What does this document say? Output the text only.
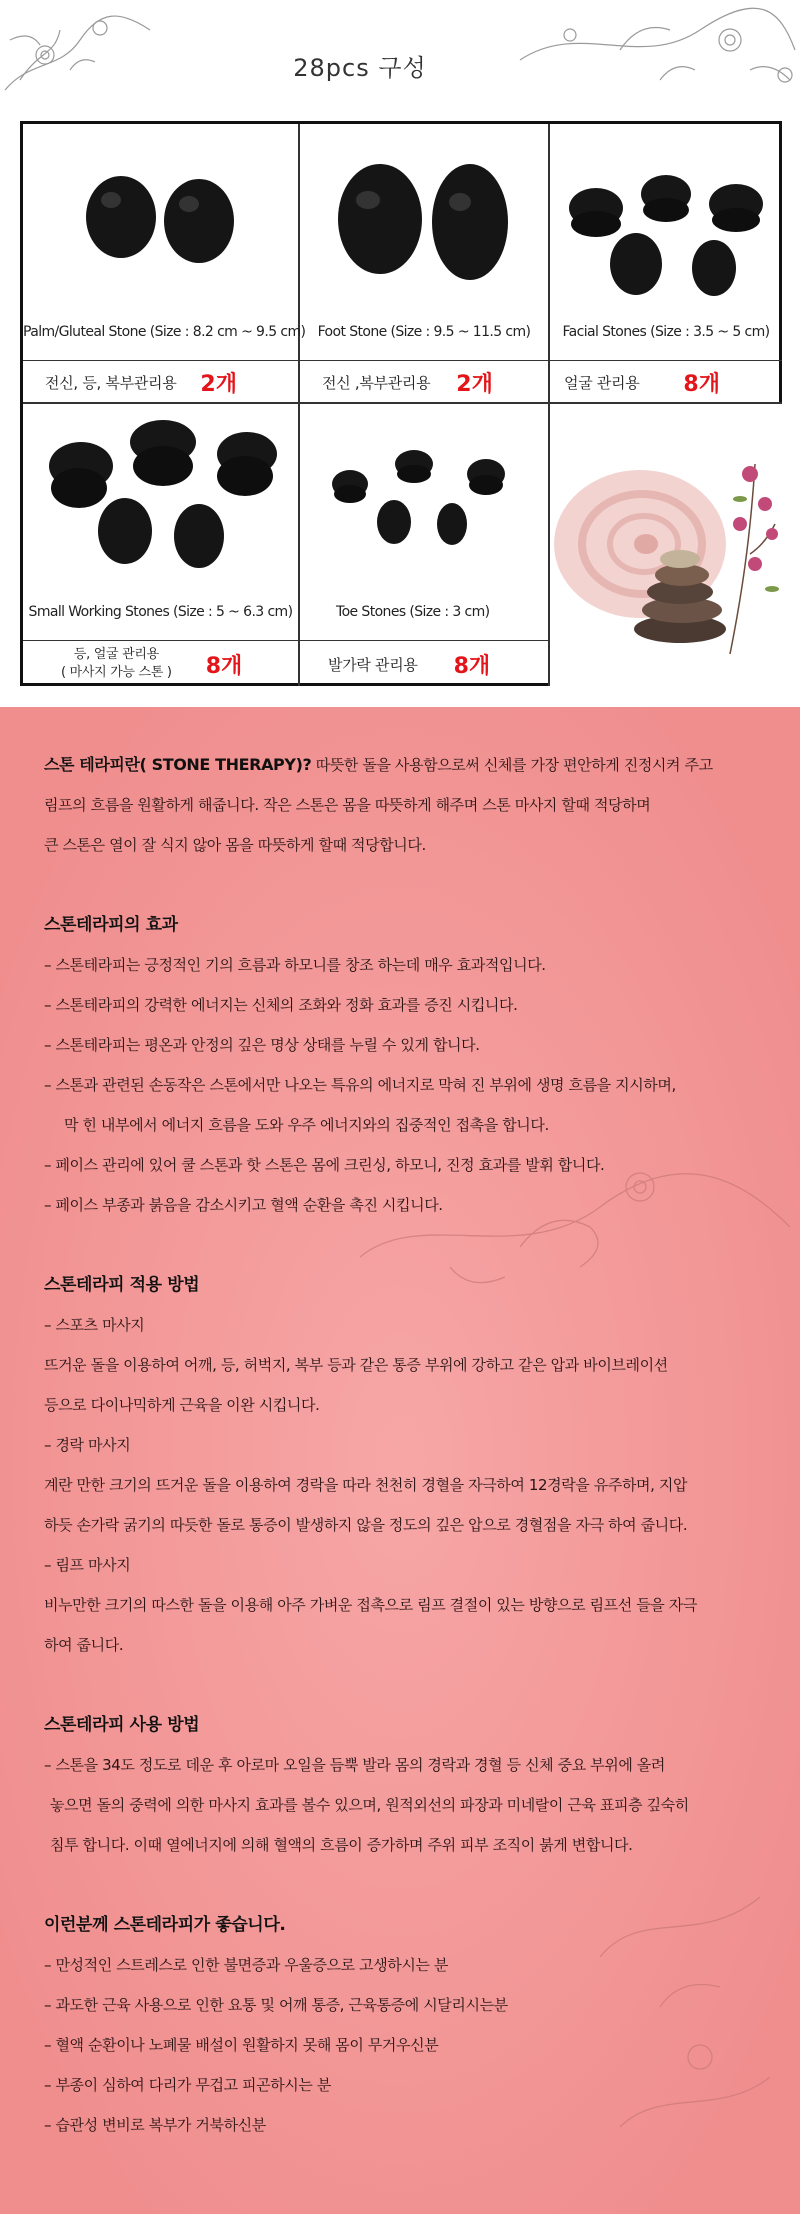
28pcs 구성
Palm/Gluteal Stone (Size : 8.2 cm ~ 9.5 cm)
전신, 등, 복부관리용 2개
Foot Stone (Size : 9.5 ~ 11.5 cm)
전신 ,복부관리용 2개
Facial Stones (Size : 3.5 ~ 5 cm)
얼굴 관리용 8개
Small Working Stones (Size : 5 ~ 6.3 cm)
등, 얼굴 관리용
( 마사지 가능 스톤 ) 8개
Toe Stones (Size : 3 cm)
발가락 관리용 8개
스톤 테라피란( STONE THERAPY)? 따뜻한 돌을 사용함으로써 신체를 가장 편안하게 진정시켜 주고
림프의 흐름을 원활하게 해줍니다. 작은 스톤은 몸을 따뜻하게 해주며 스톤 마사지 할때 적당하며
큰 스톤은 열이 잘 식지 않아 몸을 따뜻하게 할때 적당합니다.
스톤테라피의 효과
– 스톤테라피는 긍정적인 기의 흐름과 하모니를 창조 하는데 매우 효과적입니다.
– 스톤테라피의 강력한 에너지는 신체의 조화와 정화 효과를 증진 시킵니다.
– 스톤테라피는 평온과 안정의 깊은 명상 상태를 누릴 수 있게 합니다.
– 스톤과 관련된 손동작은 스톤에서만 나오는 특유의 에너지로 막혀 진 부위에 생명 흐름을 지시하며,
막 힌 내부에서 에너지 흐름을 도와 우주 에너지와의 집중적인 접촉을 합니다.
– 페이스 관리에 있어 쿨 스톤과 핫 스톤은 몸에 크린싱, 하모니, 진정 효과를 발휘 합니다.
– 페이스 부종과 붉음을 감소시키고 혈액 순환을 촉진 시킵니다.
스톤테라피 적용 방법
– 스포츠 마사지
뜨거운 돌을 이용하여 어깨, 등, 허벅지, 복부 등과 같은 통증 부위에 강하고 같은 압과 바이브레이션
등으로 다이나믹하게 근육을 이완 시킵니다.
– 경락 마사지
계란 만한 크기의 뜨거운 돌을 이용하여 경락을 따라 천천히 경혈을 자극하여 12경락을 유주하며, 지압
하듯 손가락 굵기의 따듯한 돌로 통증이 발생하지 않을 정도의 깊은 압으로 경혈점을 자극 하여 줍니다.
– 림프 마사지
비누만한 크기의 따스한 돌을 이용해 아주 가벼운 접촉으로 림프 결절이 있는 방향으로 림프선 들을 자극
하여 줍니다.
스톤테라피 사용 방법
– 스톤을 34도 정도로 데운 후 아로마 오일을 듬뿍 발라 몸의 경락과 경혈 등 신체 중요 부위에 올려
놓으면 돌의 중력에 의한 마사지 효과를 볼수 있으며, 원적외선의 파장과 미네랄이 근육 표피층 깊숙히
침투 합니다. 이때 열에너지에 의해 혈액의 흐름이 증가하며 주위 피부 조직이 붉게 변합니다.
이런분께 스톤테라피가 좋습니다.
– 만성적인 스트레스로 인한 불면증과 우울증으로 고생하시는 분
– 과도한 근육 사용으로 인한 요통 및 어깨 통증, 근육통증에 시달리시는분
– 혈액 순환이나 노폐물 배설이 원활하지 못해 몸이 무거우신분
– 부종이 심하여 다리가 무겁고 피곤하시는 분
– 습관성 변비로 복부가 거북하신분
